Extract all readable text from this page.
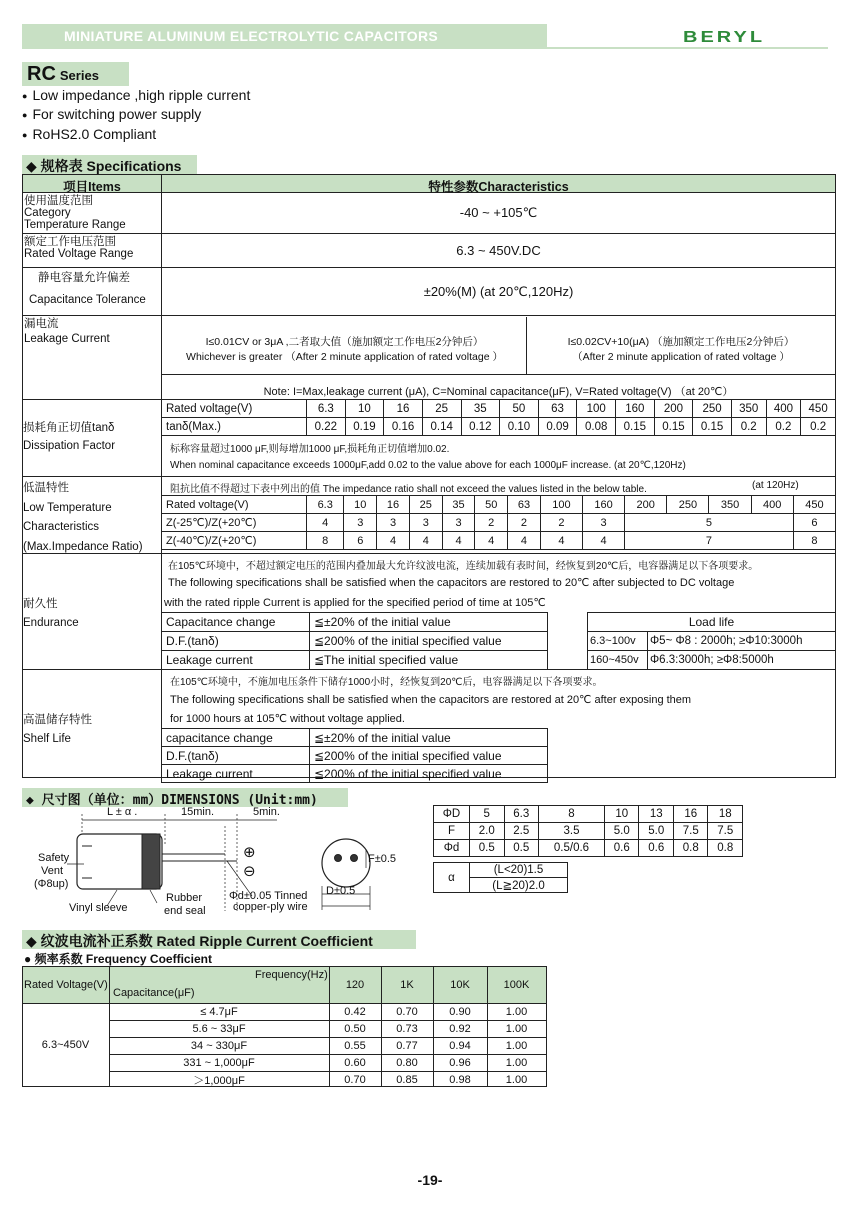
MINIATURE ALUMINUM ELECTROLYTIC CAPACITORS	BERYL
RC Series
● Low impedance ,high ripple current
● For switching power supply
● RoHS2.0 Compliant
◆ 规格表 Specifications
项目Items	特性参数Characteristics
使用温度范围
Category
Temperature Range
-40 ~ +105℃
额定工作电压范围
Rated Voltage Range	6.3 ~ 450V.DC
静电容量允许偏差
Capacitance Tolerance
±20%(M) (at 20℃,120Hz)
漏电流
Leakage Current	I≤0.01CV or 3μA ,二者取大值（施加额定工作电压2分钟后）
Whichever is greater （After 2 minute application of rated voltage ）
I≤0.02CV+10(μA) （施加额定工作电压2分钟后）
（After 2 minute application of rated voltage ）
Note: I=Max,leakage current (μA), C=Nominal capacitance(μF), V=Rated voltage(V) （at 20℃）
Rated voltage(V)	6.3	10	16	25	35	50	63	100	160	200	250	350	400	450
tanδ(Max.)	0.22	0.19	0.16	0.14	0.12	0.10	0.09	0.08	0.15	0.15	0.15	0.2	0.2	0.2
损耗角正切值tanδ
Dissipation Factor	标称容量超过1000 μF,则每增加1000 μF,损耗角正切值增加0.02.
When nominal capacitance exceeds 1000μF,add 0.02 to the value above for each 1000μF increase. (at 20℃,120Hz)
低温特性
Low Temperature
Characteristics
(Max.Impedance Ratio)
阻抗比值不得超过下表中列出的值 The impedance ratio shall not exceed the values listed in the below table.	(at 120Hz)
Rated voltage(V)	6.3	10	16	25	35	50	63	100	160	200	250	350	400	450
Z(-25℃)/Z(+20℃)	4	3	3	3	3	2	2	2	3	5				6
Z(-40℃)/Z(+20℃)	8	6	4	4	4	4	4	4	4	7				8
耐久性
Endurance
在105℃环境中，不超过额定电压的范围内叠加最大允许纹波电流，连续加载有表时间，经恢复到20℃后，电容器满足以下各项要求。
The following specifications shall be satisfied when the capacitors are restored to 20℃ after subjected to DC voltage
with the rated ripple Current is applied for the specified period of time at 105℃
Capacitance change	≦±20% of the initial value
D.F.(tanδ)	≦200% of the initial specified value
Leakage current	≦The initial specified value
Load life	
6.3~100v	Φ5~ Φ8 : 2000h; ≥Φ10:3000h
160~450v	Φ6.3:3000h; ≥Φ8:5000h
高温储存特性
Shelf Life
在105℃环境中，不施加电压条件下储存1000小时，经恢复到20℃后，电容器满足以下各项要求。
The following specifications shall be satisfied when the capacitors are restored at 20℃ after exposing them
for 1000 hours at 105℃ without voltage applied.
capacitance change	≦±20% of the initial value
D.F.(tanδ)	≦200% of the initial specified value
Leakage current	≦200% of the initial specified value
◆ 尺寸图（单位：mm）DIMENSIONS (Unit:mm)
L ± α .	15min.	5min.
Safety
Vent
(Φ8up)
Vinyl sleeve
Rubber
end seal
Φd±0.05 Tinned
copper-ply wire
⊕
⊖
F±0.5
D±0.5
ΦD	5	6.3	8	10	13	16	18
F	2.0	2.5	3.5	5.0	5.0	7.5	7.5
Φd	0.5	0.5	0.5/0.6	0.6	0.6	0.8	0.8
α	(L<20)1.5
(L≧20)2.0
◆ 纹波电流补正系数 Rated Ripple Current Coefficient
● 频率系数 Frequency Coefficient
Frequency(Hz)
Rated Voltage(V)
Capacitance(μF)
120	1K	10K	100K
6.3~450V
≤ 4.7μF	0.42	0.70	0.90	1.00
5.6 ~ 33μF	0.50	0.73	0.92	1.00
34 ~ 330μF	0.55	0.77	0.94	1.00
331 ~ 1,000μF	0.60	0.80	0.96	1.00
＞1,000μF	0.70	0.85	0.98	1.00
-19-
